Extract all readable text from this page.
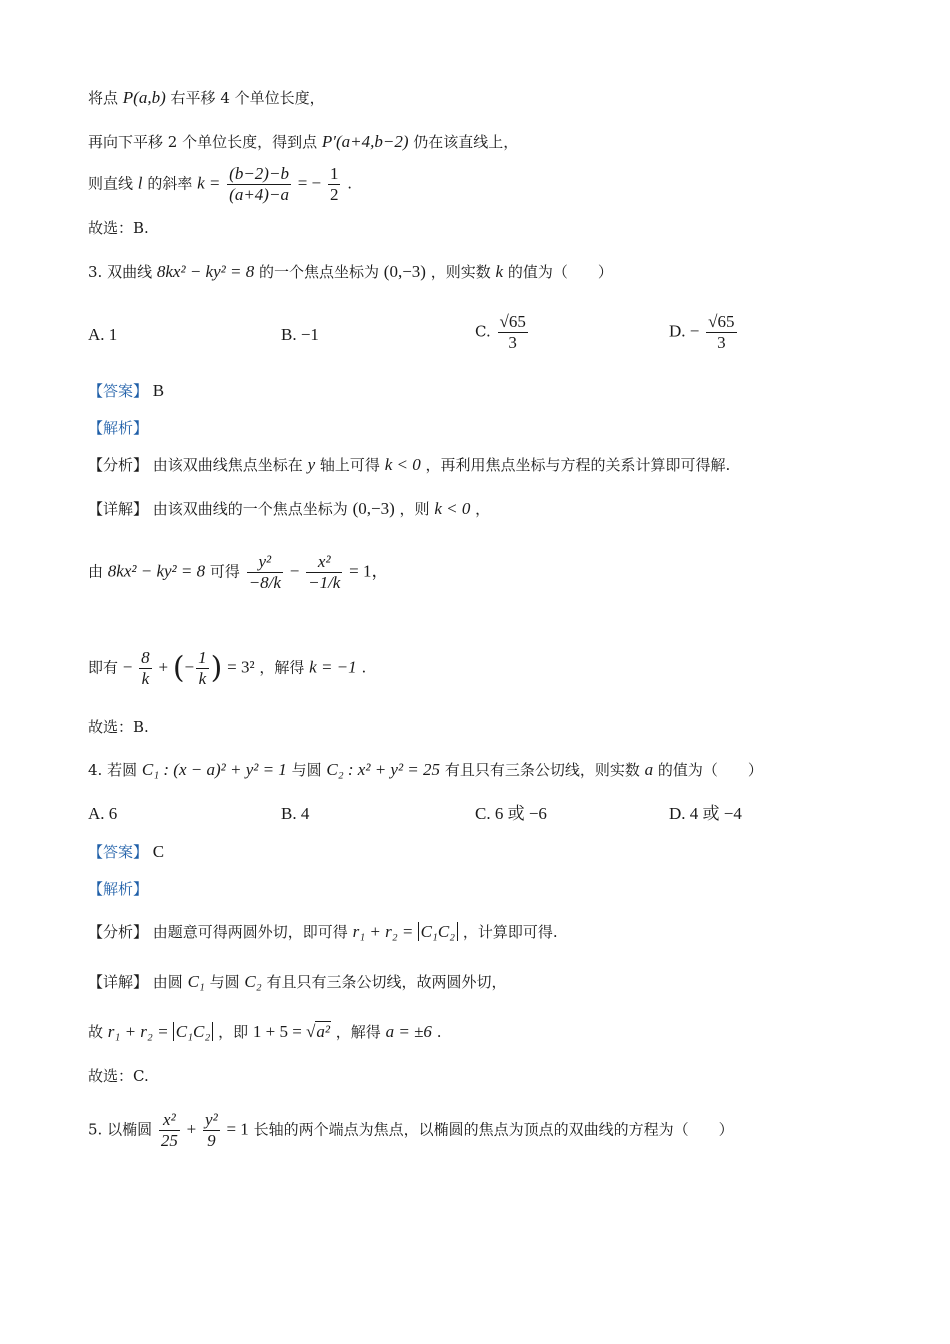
将点 P(a,b) 右平移 4 个单位长度，
再向下平移 2 个单位长度，得到点 P′(a+4,b−2) 仍在该直线上，
则直线 l 的斜率 $k = \frac{(b-2)-b}{(a+4)-a}$ = − $\frac{1}{2}$ .
故选：B.
3. 双曲线 8kx² − ky² = 8 的一个焦点坐标为 (0,−3) ，则实数 k 的值为（　　）
A. 1	B. −1	C. $\frac{√65}{3}$	D. − $\frac{√65}{3}$
【答案】 B
【解析】
【分析】 由该双曲线焦点坐标在 y 轴上可得 k < 0 ，再利用焦点坐标与方程的关系计算即可得解.
【详解】 由该双曲线的一个焦点坐标为 (0,−3) ，则 k < 0 ，
由 8kx² − ky² = 8 可得 $\frac{\text{y²}}{-8/k} - \frac{\text{x²}}{-1/k} = 1$，
即有 − $\frac{8}{k}$ + (− $\frac{1}{k}$ ) = 3² ，解得 k = −1 .
故选：B.
4. 若圆 C₁ : (x − a)² + y² = 1 与圆 C₂ : x² + y² = 25 有且只有三条公切线，则实数 a 的值为（　　）
A. 6	B. 4	C. 6 或 −6	D. 4 或 −4
【答案】 C
【解析】
【分析】 由题意可得两圆外切，即可得 r₁ + r₂ = C₁C₂ ，计算即可得.
【详解】 由圆 C₁ 与圆 C₂ 有且只有三条公切线，故两圆外切，
故 r₁ + r₂ = C₁C₂ ，即 1 + 5 = √a² ，解得 a = ±6 .
故选：C.
5. 以椭圆 $\frac{\text{x²}}{25} + \frac{\text{y²}}{9} = 1$ 长轴的两个端点为焦点，以椭圆的焦点为顶点的双曲线的方程为（　　）
